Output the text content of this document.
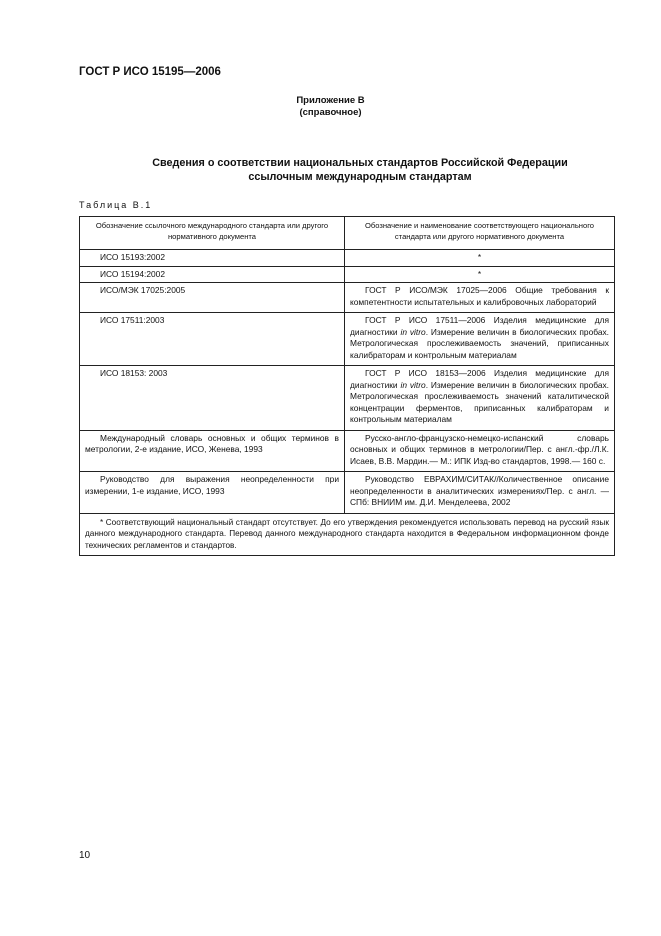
ГОСТ Р ИСО 15195—2006
Приложение В
(справочное)
Сведения о соответствии национальных стандартов Российской Федерации
ссылочным международным стандартам
Таблица В.1
Обозначение ссылочного международного стандарта или другого нормативного документа	Обозначение и наименование соответствующего национального стандарта или другого нормативного документа
ИСО 15193:2002	*
ИСО 15194:2002	*
ИСО/МЭК 17025:2005	ГОСТ Р ИСО/МЭК 17025—2006 Общие требования к компетентности испытательных и калибровочных лабораторий

ИСО 17511:2003	ГОСТ Р ИСО 17511—2006 Изделия медицинские для диагностики in vitro. Измерение величин в биологических пробах. Метрологическая прослеживаемость значений, приписанных калибраторам и контрольным материалам

ИСО 18153: 2003	ГОСТ Р ИСО 18153—2006 Изделия медицинские для диагностики in vitro. Измерение величин в биологических пробах. Метрологическая прослеживаемость значений каталитической концентрации ферментов, приписанных калибраторам и контрольным материалам

Международный словарь основных и общих терминов в метрологии, 2-е издание, ИСО, Женева, 1993	Русско-англо-французско-немецко-испанский словарь основных и общих терминов в метрологии/Пер. с англ.-фр./Л.К. Исаев, В.В. Мардин.— М.: ИПК Изд-во стандартов, 1998.— 160 с.

Руководство для выражения неопределенности при измерении, 1-е издание, ИСО, 1993	Руководство ЕВРАХИМ/СИТАК//Количественное описание неопределенности в аналитических измерениях/Пер. с англ. — СПб: ВНИИМ им. Д.И. Менделеева, 2002

* Соответствующий национальный стандарт отсутствует. До его утверждения рекомендуется использовать перевод на русский язык данного международного стандарта. Перевод данного международного стандарта находится в Федеральном информационном фонде технических регламентов и стандартов.	
10
